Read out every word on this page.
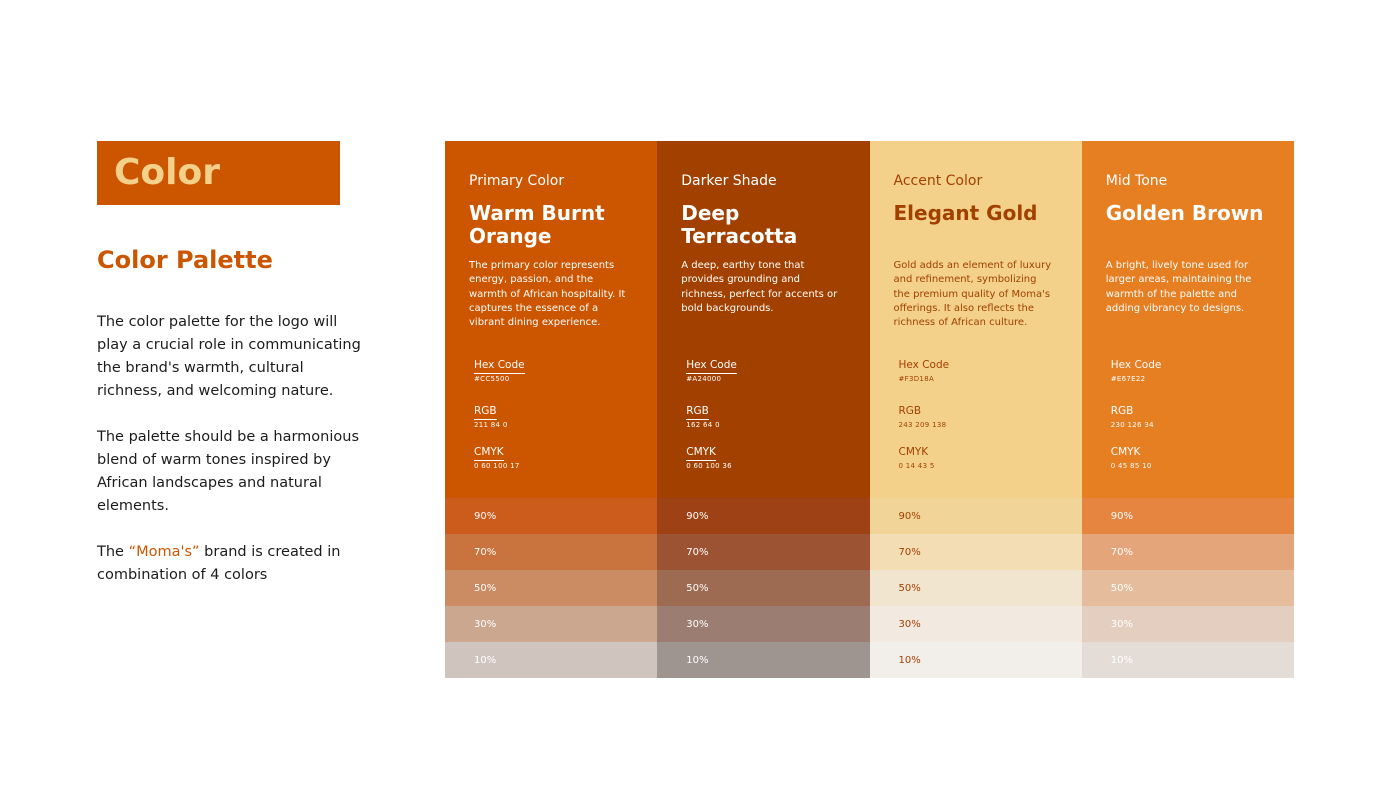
Color
Color Palette

The color palette for the logo will play a crucial role in communicating the brand's warmth, cultural richness, and welcoming nature.

The palette should be a harmonious blend of warm tones inspired by African landscapes and natural elements.

The “Moma's” brand is created in combination of 4 colors

Primary Color
Warm Burnt Orange
The primary color represents energy, passion, and the warmth of African hospitality. It captures the essence of a vibrant dining experience.
Hex Code
#CC5500
RGB
211 84 0
CMYK
0 60 100 17
90%
70%
50%
30%
10%
Darker Shade
Deep Terracotta
A deep, earthy tone that provides grounding and richness, perfect for accents or bold backgrounds.
Hex Code
#A24000
RGB
162 64 0
CMYK
0 60 100 36
90%
70%
50%
30%
10%
Accent Color
Elegant Gold
Gold adds an element of luxury and refinement, symbolizing the premium quality of Moma's offerings. It also reflects the richness of African culture.
Hex Code
#F3D18A
RGB
243 209 138
CMYK
0 14 43 5
90%
70%
50%
30%
10%
Mid Tone
Golden Brown
A bright, lively tone used for larger areas, maintaining the warmth of the palette and adding vibrancy to designs.
Hex Code
#E67E22
RGB
230 126 34
CMYK
0 45 85 10
90%
70%
50%
30%
10%
